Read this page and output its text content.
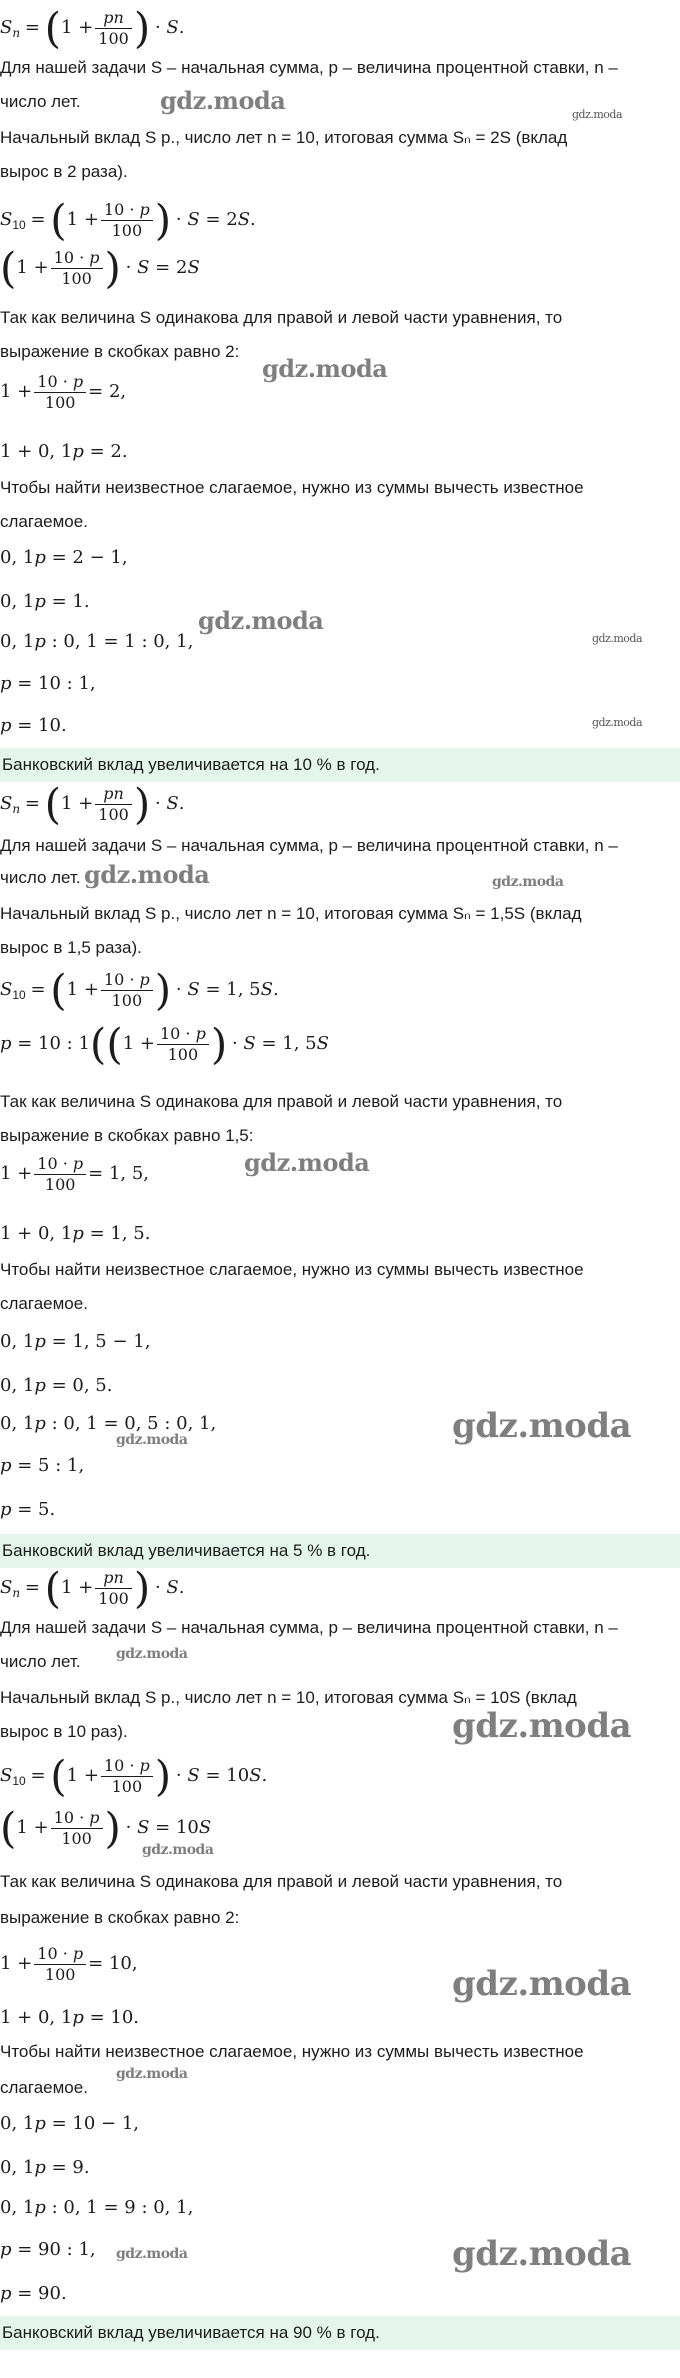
$S_n = (1 + \frac{pn}{100}$ ) · S.
Для нашей задачи S – начальная сумма, p – величина процентной ставки, n –
число лет.
Начальный вклад S р., число лет n = 10, итоговая сумма Sₙ = 2S (вклад
вырос в 2 раза).
$S_{10} = (1 + \frac{10 \cdot p}{100}$ ) · S = 2S.
($1 + \frac{10 \cdot p}{100}$ ) · S = 2S
Так как величина S одинакова для правой и левой части уравнения, то
выражение в скобках равно 2:
$1 + \frac{10 \cdot p}{100} = 2$,
1 + 0, 1p = 2.
Чтобы найти неизвестное слагаемое, нужно из суммы вычесть известное
слагаемое.
0, 1p = 2 − 1,
0, 1p = 1.
0, 1p : 0, 1 = 1 : 0, 1,
p = 10 : 1,
p = 10.
Банковский вклад увеличивается на 10 % в год.
$S_n = (1 + \frac{pn}{100}$ ) · S.
Для нашей задачи S – начальная сумма, p – величина процентной ставки, n –
число лет.
Начальный вклад S р., число лет n = 10, итоговая сумма Sₙ = 1,5S (вклад
вырос в 1,5 раза).
$S_{10} = (1 + \frac{10 \cdot p}{100}$ ) · S = 1, 5S.
p = 10 : $1((1 + \frac{10 \cdot p}{100}$ ) · S = 1, 5S
Так как величина S одинакова для правой и левой части уравнения, то
выражение в скобках равно 1,5:
$1 + \frac{10 \cdot p}{100} = 1$, 5,
1 + 0, 1p = 1, 5.
Чтобы найти неизвестное слагаемое, нужно из суммы вычесть известное
слагаемое.
0, 1p = 1, 5 − 1,
0, 1p = 0, 5.
0, 1p : 0, 1 = 0, 5 : 0, 1,
p = 5 : 1,
p = 5.
Банковский вклад увеличивается на 5 % в год.
$S_n = (1 + \frac{pn}{100}$ ) · S.
Для нашей задачи S – начальная сумма, p – величина процентной ставки, n –
число лет.
Начальный вклад S р., число лет n = 10, итоговая сумма Sₙ = 10S (вклад
вырос в 10 раз).
$S_{10} = (1 + \frac{10 \cdot p}{100}$ ) · S = 10S.
($1 + \frac{10 \cdot p}{100}$ ) · S = 10S
Так как величина S одинакова для правой и левой части уравнения, то
выражение в скобках равно 2:
$1 + \frac{10 \cdot p}{100} = 10$,
1 + 0, 1p = 10.
Чтобы найти неизвестное слагаемое, нужно из суммы вычесть известное
слагаемое.
0, 1p = 10 − 1,
0, 1p = 9.
0, 1p : 0, 1 = 9 : 0, 1,
p = 90 : 1,
p = 90.
Банковский вклад увеличивается на 90 % в год.
gdz.moda	gdz.moda
gdz.moda
gdz.moda
gdz.moda
gdz.moda
gdz.moda	gdz.moda
gdz.moda
gdz.moda
gdz.moda
gdz.moda
gdz.moda
gdz.moda
gdz.moda
gdz.moda
gdz.moda
gdz.moda
